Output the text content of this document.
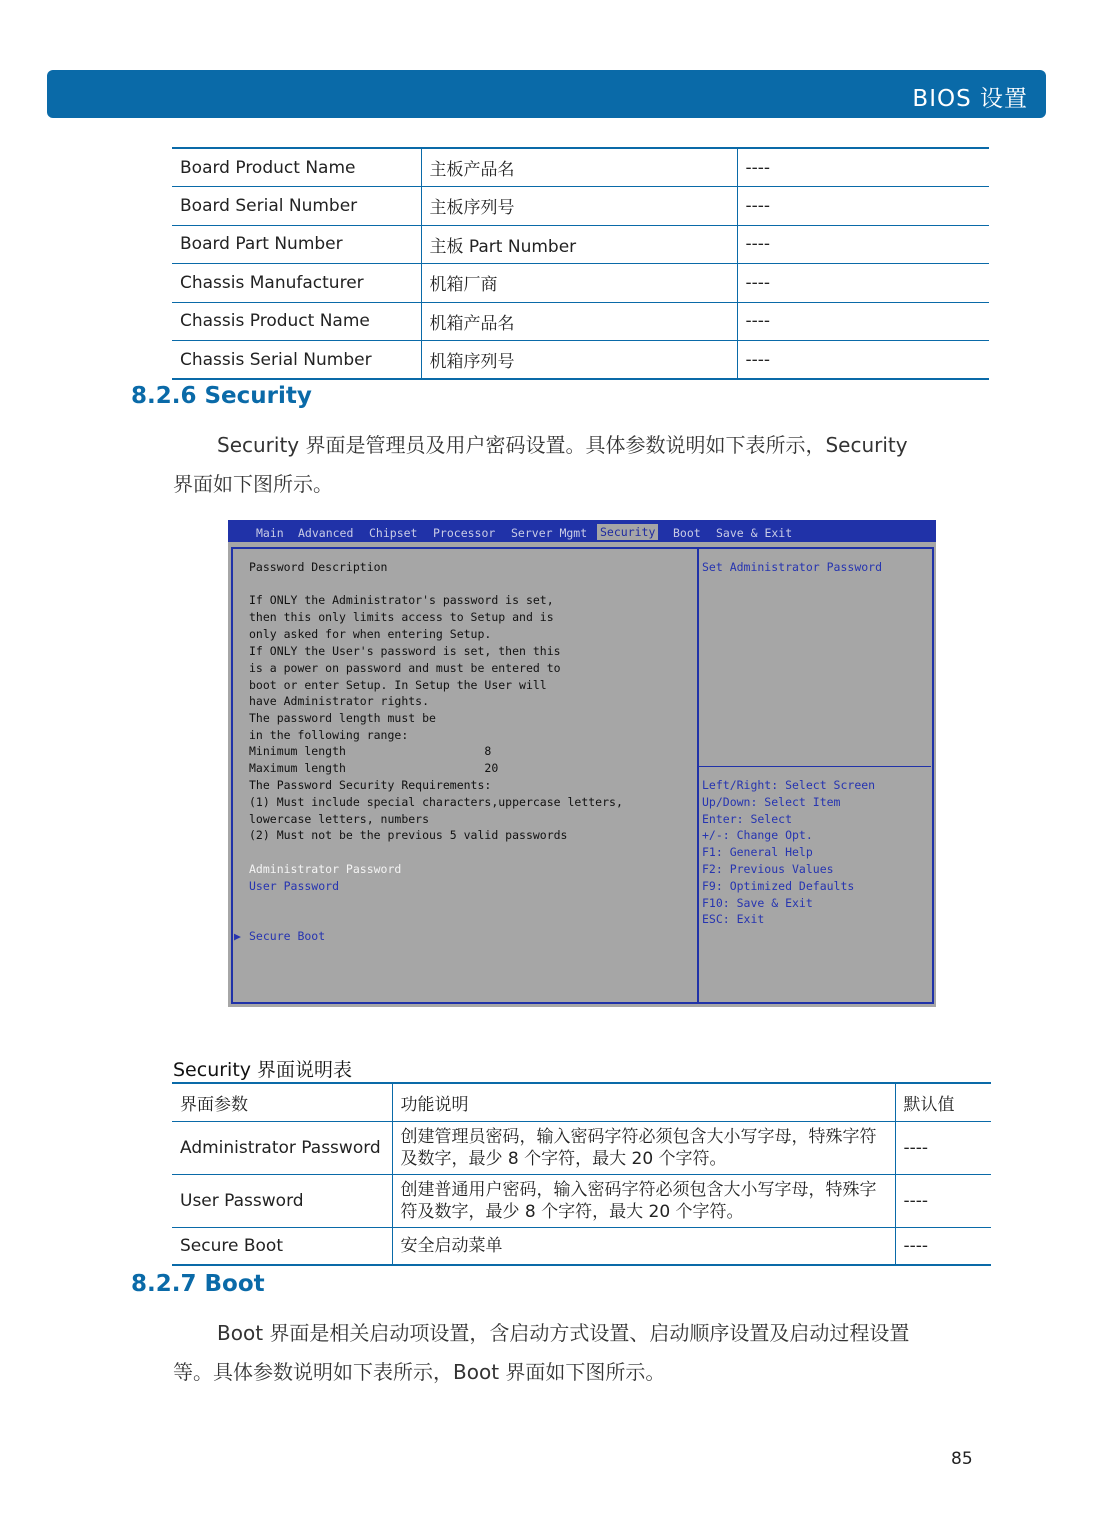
BIOS 设置
Board Product Name	主板产品名	----
Board Serial Number	主板序列号	----
Board Part Number	主板 Part Number	----
Chassis Manufacturer	机箱厂商	----
Chassis Product Name	机箱产品名	----
Chassis Serial Number	机箱序列号	----
8.2.6 Security
Security 界面是管理员及用户密码设置。具体参数说明如下表所示，Security
界面如下图所示。
Main Advanced Chipset Processor Server Mgmt Security Boot Save & Exit
Password Description
If ONLY the Administrator's password is set,
then this only limits access to Setup and is
only asked for when entering Setup.
If ONLY the User's password is set, then this
is a power on password and must be entered to
boot or enter Setup. In Setup the User will
have Administrator rights.
The password length must be
in the following range:
Minimum length                    8
Maximum length                    20
The Password Security Requirements:
(1) Must include special characters,uppercase letters,
lowercase letters, numbers
(2) Must not be the previous 5 valid passwords
Administrator Password
User Password
▶ Secure Boot
Set Administrator Password
Left/Right: Select Screen
Up/Down: Select Item
Enter: Select
+/-: Change Opt.
F1: General Help
F2: Previous Values
F9: Optimized Defaults
F10: Save & Exit
ESC: Exit
Security 界面说明表
界面参数	功能说明	默认值
Administrator Password	创建管理员密码，输入密码字符必须包含大小写字母，特殊字符及数字，最少 8 个字符，最大 20 个字符。	----
User Password	创建普通用户密码，输入密码字符必须包含大小写字母，特殊字符及数字，最少 8 个字符，最大 20 个字符。	----
Secure Boot	安全启动菜单	----
8.2.7 Boot
Boot 界面是相关启动项设置，含启动方式设置、启动顺序设置及启动过程设置
等。具体参数说明如下表所示，Boot 界面如下图所示。
85
